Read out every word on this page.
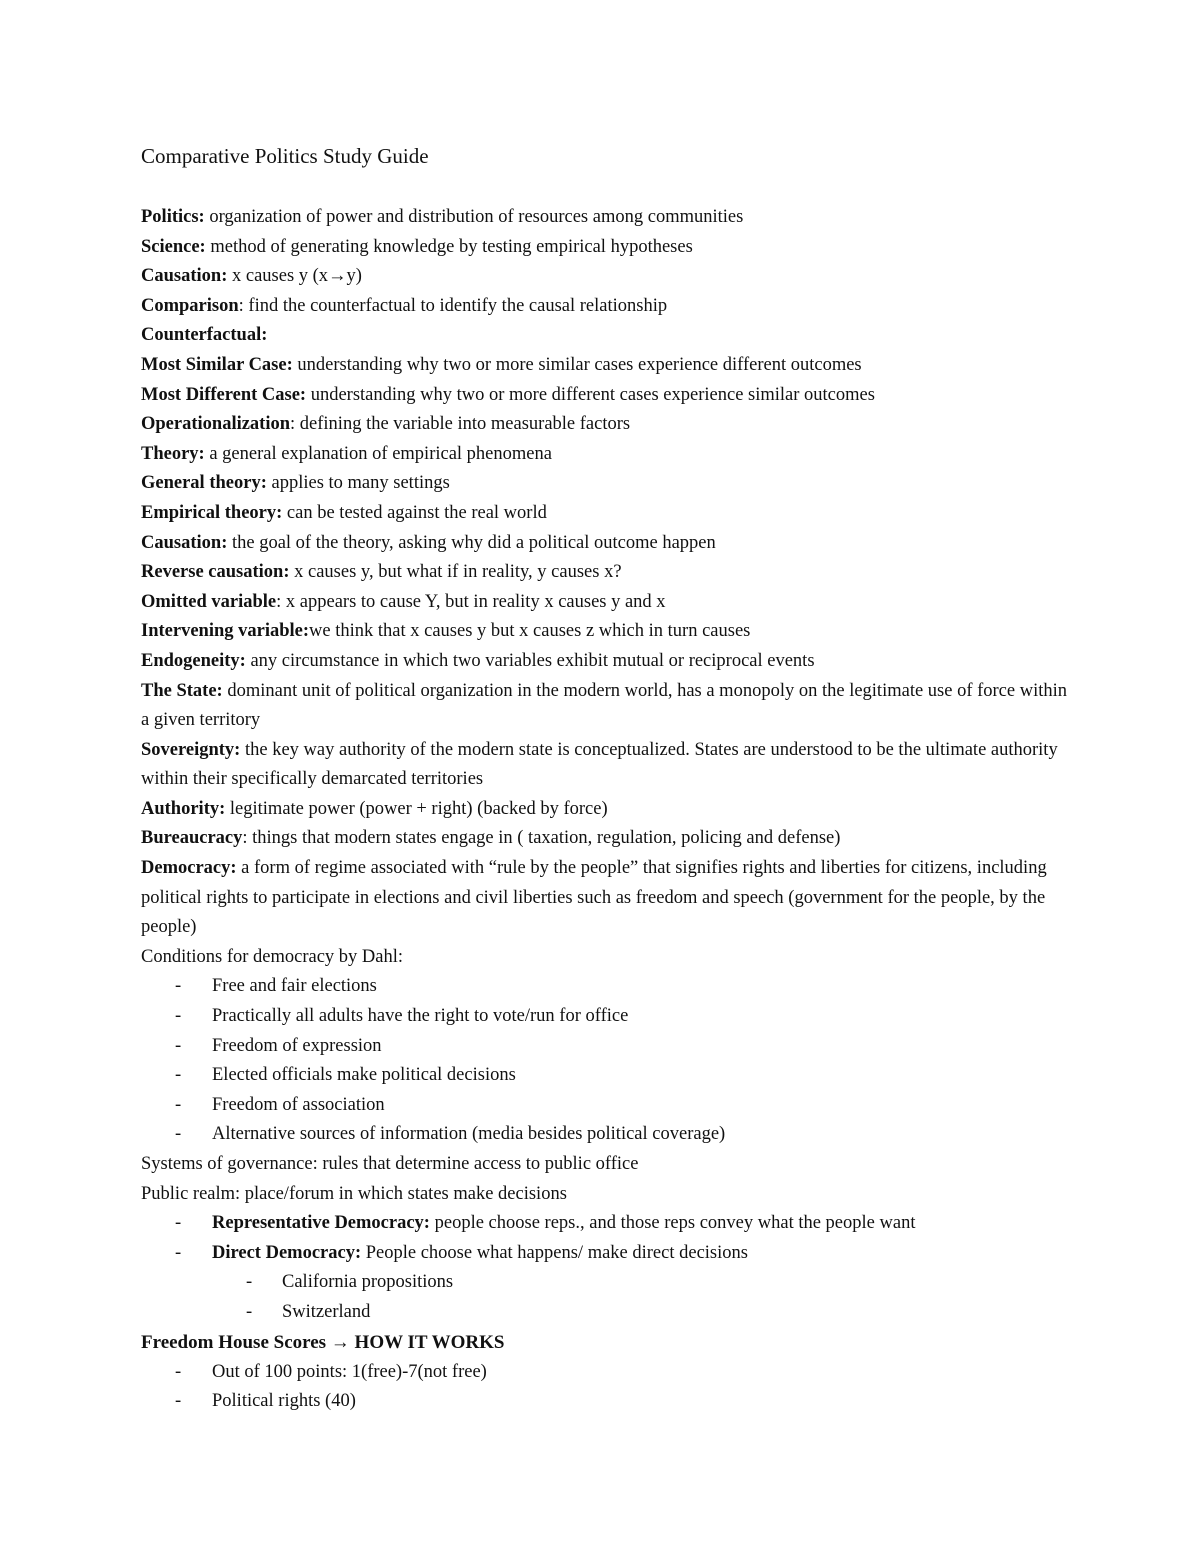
Comparative Politics Study Guide

Politics: organization of power and distribution of resources among communities

Science: method of generating knowledge by testing empirical hypotheses

Causation: x causes y (x→y)

Comparison: find the counterfactual to identify the causal relationship

Counterfactual:

Most Similar Case: understanding why two or more similar cases experience different outcomes

Most Different Case: understanding why two or more different cases experience similar outcomes

Operationalization: defining the variable into measurable factors

Theory: a general explanation of empirical phenomena

General theory: applies to many settings

Empirical theory: can be tested against the real world

Causation: the goal of the theory, asking why did a political outcome happen

Reverse causation: x causes y, but what if in reality, y causes x?

Omitted variable: x appears to cause Y, but in reality x causes y and x

Intervening variable:we think that x causes y but x causes z which in turn causes

Endogeneity: any circumstance in which two variables exhibit mutual or reciprocal events

The State: dominant unit of political organization in the modern world, has a monopoly on the legitimate use of force within a given territory

Sovereignty: the key way authority of the modern state is conceptualized. States are understood to be the ultimate authority within their specifically demarcated territories

Authority: legitimate power (power + right) (backed by force)

Bureaucracy: things that modern states engage in ( taxation, regulation, policing and defense)

Democracy: a form of regime associated with “rule by the people” that signifies rights and liberties for citizens, including political rights to participate in elections and civil liberties such as freedom and speech (government for the people, by the people)

Conditions for democracy by Dahl:

- Free and fair elections
- Practically all adults have the right to vote/run for office
- Freedom of expression
- Elected officials make political decisions
- Freedom of association
- Alternative sources of information (media besides political coverage)

Systems of governance: rules that determine access to public office

Public realm: place/forum in which states make decisions

- Representative Democracy: people choose reps., and those reps convey what the people want
- Direct Democracy: People choose what happens/ make direct decisions
- California propositions
- Switzerland

Freedom House Scores → HOW IT WORKS

- Out of 100 points: 1(free)-7(not free)
- Political rights (40)
